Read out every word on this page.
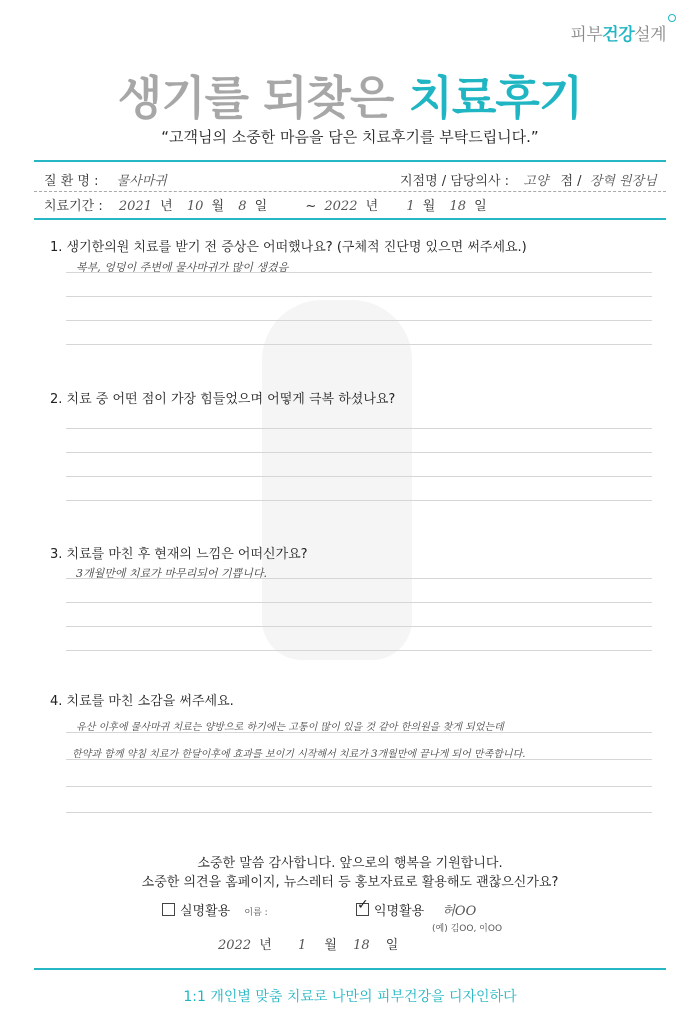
피부건강설계
생기를 되찾은 치료후기
“고객님의 소중한 마음을 담은 치료후기를 부탁드립니다.”
질 환 명 : 물사마귀	지점명 / 담당의사 : 고양 점 / 장혁 원장님
치료기간 : 2021 년 10 월 8 일	~ 2022 년 1 월 18 일
1. 생기한의원 치료를 받기 전 증상은 어떠했나요? (구체적 진단명 있으면 써주세요.)
복부, 엉덩이 주변에 물사마귀가 많이 생겼음
2. 치료 중 어떤 점이 가장 힘들었으며 어떻게 극복 하셨나요?
3. 치료를 마친 후 현재의 느낌은 어떠신가요?
3개월만에 치료가 마무리되어 기쁩니다.
4. 치료를 마친 소감을 써주세요.
유산 이후에 물사마귀 치료는 양방으로 하기에는 고통이 많이 있을 것 같아 한의원을 찾게 되었는데
한약과 함께 약침 치료가 한달이후에 효과를 보이기 시작해서 치료가 3개월만에 끝나게 되어 만족합니다.
소중한 말씀 감사합니다. 앞으로의 행복을 기원합니다.
소중한 의견을 홈페이지, 뉴스레터 등 홍보자료로 활용해도 괜찮으신가요?
실명활용 이름 :
✓	익명활용 허OO
(예) 김OO, 이OO
2022 년 1 월 18 일
1:1 개인별 맞춤 치료로 나만의 피부건강을 디자인하다
